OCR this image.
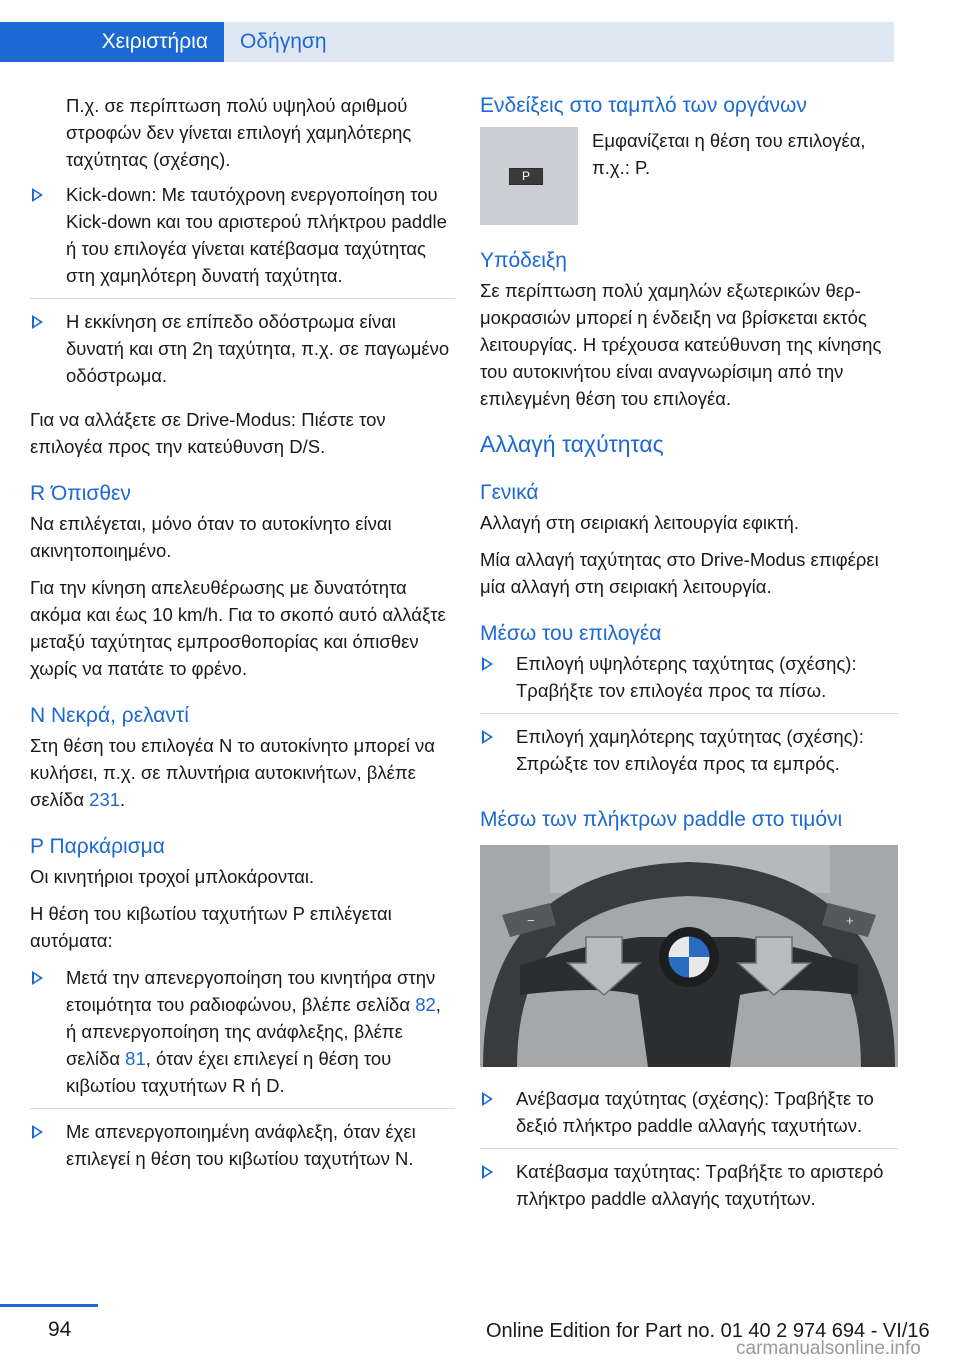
Χειριστήρια	Οδήγηση

Π.χ. σε περίπτωση πολύ υψηλού αριθμού στροφών δεν γίνεται επιλογή χαμηλότερης ταχύτητας (σχέσης).

Kick-down: Με ταυτόχρονη ενεργοποίηση του Kick-down και του αριστερού πλήκτρου paddle ή του επιλογέα γίνεται κατέβασμα ταχύτητας στη χαμηλότερη δυνατή ταχύτητα.
Η εκκίνηση σε επίπεδο οδόστρωμα είναι δυνατή και στη 2η ταχύτητα, π.χ. σε παγωμένο οδόστρωμα.

Για να αλλάξετε σε Drive-Modus: Πιέστε τον επιλογέα προς την κατεύθυνση D/S.

R Όπισθεν

Να επιλέγεται, μόνο όταν το αυτοκίνητο είναι ακινητοποιημένο.

Για την κίνηση απελευθέρωσης με δυνατότητα ακόμα και έως 10 km/h. Για το σκοπό αυτό αλλάξτε μεταξύ ταχύτητας εμπροσθοπορίας και όπισθεν χωρίς να πατάτε το φρένο.

N Νεκρά, ρελαντί

Στη θέση του επιλογέα N το αυτοκίνητο μπορεί να κυλήσει, π.χ. σε πλυντήρια αυτοκινήτων, βλέπε σελίδα 231.

P Παρκάρισμα

Οι κινητήριοι τροχοί μπλοκάρονται.

Η θέση του κιβωτίου ταχυτήτων P επιλέγεται αυτόματα:

Μετά την απενεργοποίηση του κινητήρα στην ετοιμότητα του ραδιοφώνου, βλέπε σελίδα 82, ή απενεργοποίηση της ανάφλεξης, βλέπε σελίδα 81, όταν έχει επιλεγεί η θέση του κιβωτίου ταχυτήτων R ή D.
Με απενεργοποιημένη ανάφλεξη, όταν έχει επιλεγεί η θέση του κιβωτίου ταχυτήτων N.
Ενδείξεις στο ταμπλό των οργάνων
P
Εμφανίζεται η θέση του επιλογέα, π.χ.: P.
Υπόδειξη

Σε περίπτωση πολύ χαμηλών εξωτερικών θερμοκρασιών μπορεί η ένδειξη να βρίσκεται εκτός λειτουργίας. Η τρέχουσα κατεύθυνση της κίνησης του αυτοκινήτου είναι αναγνωρίσιμη από την επιλεγμένη θέση του επιλογέα.

Αλλαγή ταχύτητας
Γενικά

Αλλαγή στη σειριακή λειτουργία εφικτή.

Μία αλλαγή ταχύτητας στο Drive-Modus επιφέρει μία αλλαγή στη σειριακή λειτουργία.

Μέσω του επιλογέα
Επιλογή υψηλότερης ταχύτητας (σχέσης): Τραβήξτε τον επιλογέα προς τα πίσω.
Επιλογή χαμηλότερης ταχύτητας (σχέσης): Σπρώξτε τον επιλογέα προς τα εμπρός.
Μέσω των πλήκτρων paddle στο τιμόνι
−	+
Ανέβασμα ταχύτητας (σχέσης): Τραβήξτε το δεξιό πλήκτρο paddle αλλαγής ταχυτήτων.
Κατέβασμα ταχύτητας: Τραβήξτε το αριστερό πλήκτρο paddle αλλαγής ταχυτήτων.
94	Online Edition for Part no. 01 40 2 974 694 - VI/16
carmanualsonline.info
